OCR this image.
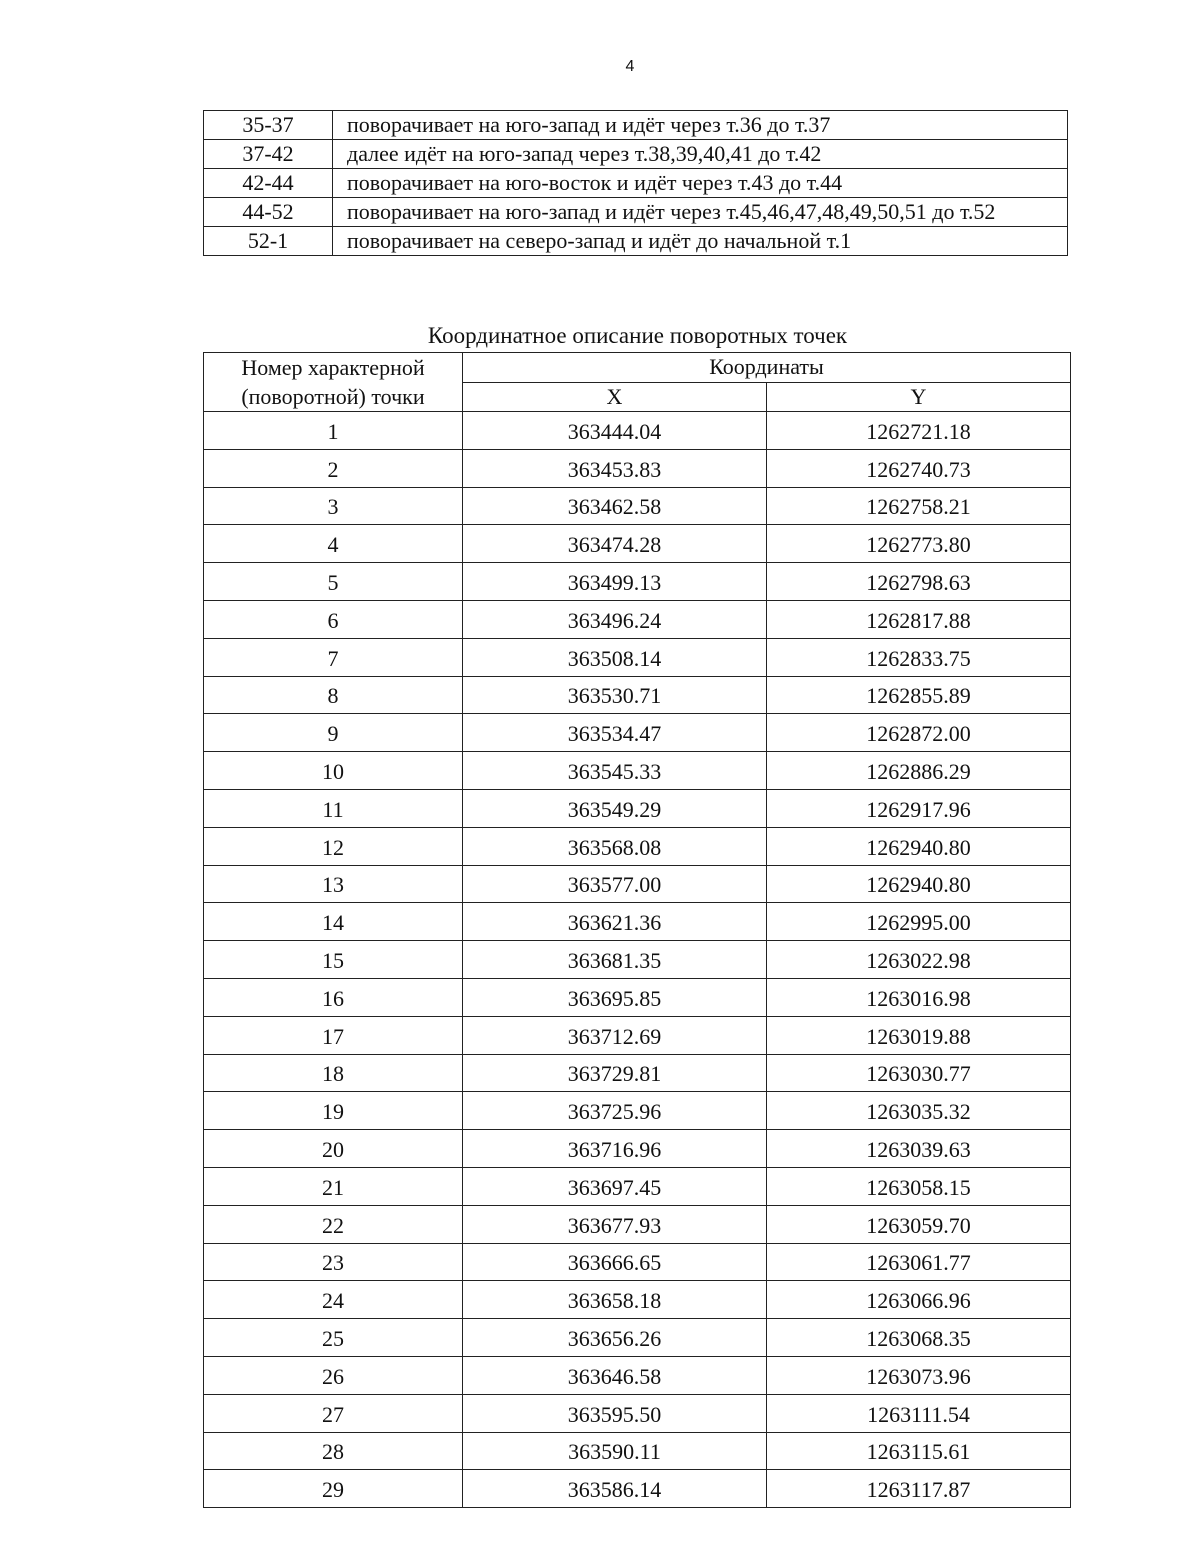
4
35-37	поворачивает на юго-запад и идёт через т.36 до т.37
37-42	далее идёт на юго-запад через т.38,39,40,41 до т.42
42-44	поворачивает на юго-восток и идёт через т.43 до т.44
44-52	поворачивает на юго-запад и идёт через т.45,46,47,48,49,50,51 до т.52
52-1	поворачивает на северо-запад и идёт до начальной т.1
Координатное описание поворотных точек
Номер характерной (поворотной) точки	Координаты	
	X	Y
1	363444.04	1262721.18
2	363453.83	1262740.73
3	363462.58	1262758.21
4	363474.28	1262773.80
5	363499.13	1262798.63
6	363496.24	1262817.88
7	363508.14	1262833.75
8	363530.71	1262855.89
9	363534.47	1262872.00
10	363545.33	1262886.29
11	363549.29	1262917.96
12	363568.08	1262940.80
13	363577.00	1262940.80
14	363621.36	1262995.00
15	363681.35	1263022.98
16	363695.85	1263016.98
17	363712.69	1263019.88
18	363729.81	1263030.77
19	363725.96	1263035.32
20	363716.96	1263039.63
21	363697.45	1263058.15
22	363677.93	1263059.70
23	363666.65	1263061.77
24	363658.18	1263066.96
25	363656.26	1263068.35
26	363646.58	1263073.96
27	363595.50	1263111.54
28	363590.11	1263115.61
29	363586.14	1263117.87
